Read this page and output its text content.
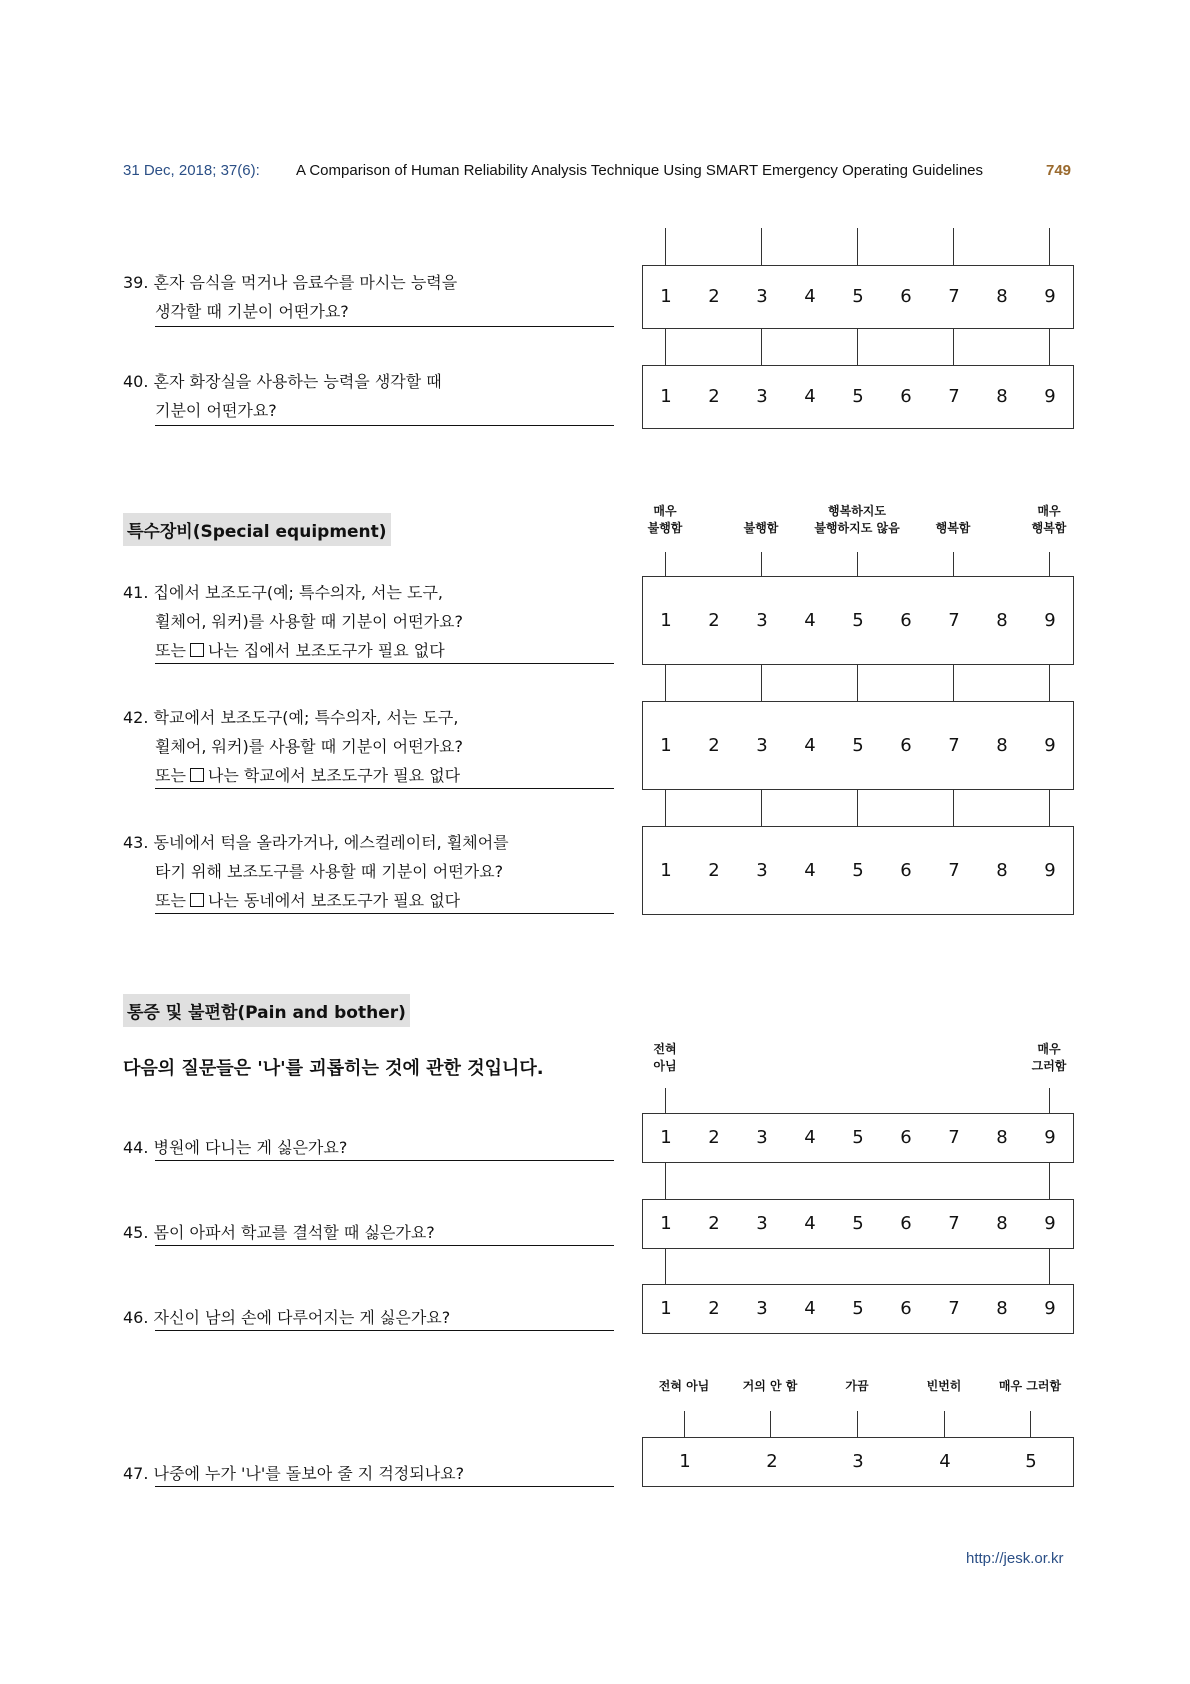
31 Dec, 2018; 37(6): A Comparison of Human Reliability Analysis Technique Using SMART Emergency Operating Guidelines	749
39. 혼자 음식을 먹거나 음료수를 마시는 능력을
생각할 때 기분이 어떤가요?
1 2 3 4 5 6 7 8 9
40. 혼자 화장실을 사용하는 능력을 생각할 때
기분이 어떤가요?
1 2 3 4 5 6 7 8 9
특수장비(Special equipment)
매우
불행함	불행함
행복하지도
불행하지도 않음	행복함
매우
행복함
41. 집에서 보조도구(예; 특수의자, 서는 도구,
휠체어, 워커)를 사용할 때 기분이 어떤가요?
또는 나는 집에서 보조도구가 필요 없다
1 2 3 4 5 6 7 8 9
42. 학교에서 보조도구(예; 특수의자, 서는 도구,
휠체어, 워커)를 사용할 때 기분이 어떤가요?
또는 나는 학교에서 보조도구가 필요 없다
1 2 3 4 5 6 7 8 9
43. 동네에서 턱을 올라가거나, 에스컬레이터, 휠체어를
타기 위해 보조도구를 사용할 때 기분이 어떤가요?
또는 나는 동네에서 보조도구가 필요 없다
1 2 3 4 5 6 7 8 9
통증 및 불편함(Pain and bother)
다음의 질문들은 '나'를 괴롭히는 것에 관한 것입니다.
전혀
아님
매우
그러함
44. 병원에 다니는 게 싫은가요?	1 2 3 4 5 6 7 8 9
45. 몸이 아파서 학교를 결석할 때 싫은가요?	1 2 3 4 5 6 7 8 9
46. 자신이 남의 손에 다루어지는 게 싫은가요?	1 2 3 4 5 6 7 8 9
전혀 아님	거의 안 함	가끔	빈번히	매우 그러함
47. 나중에 누가 '나'를 돌보아 줄 지 걱정되나요?
1	2	3	4	5
http://jesk.or.kr
